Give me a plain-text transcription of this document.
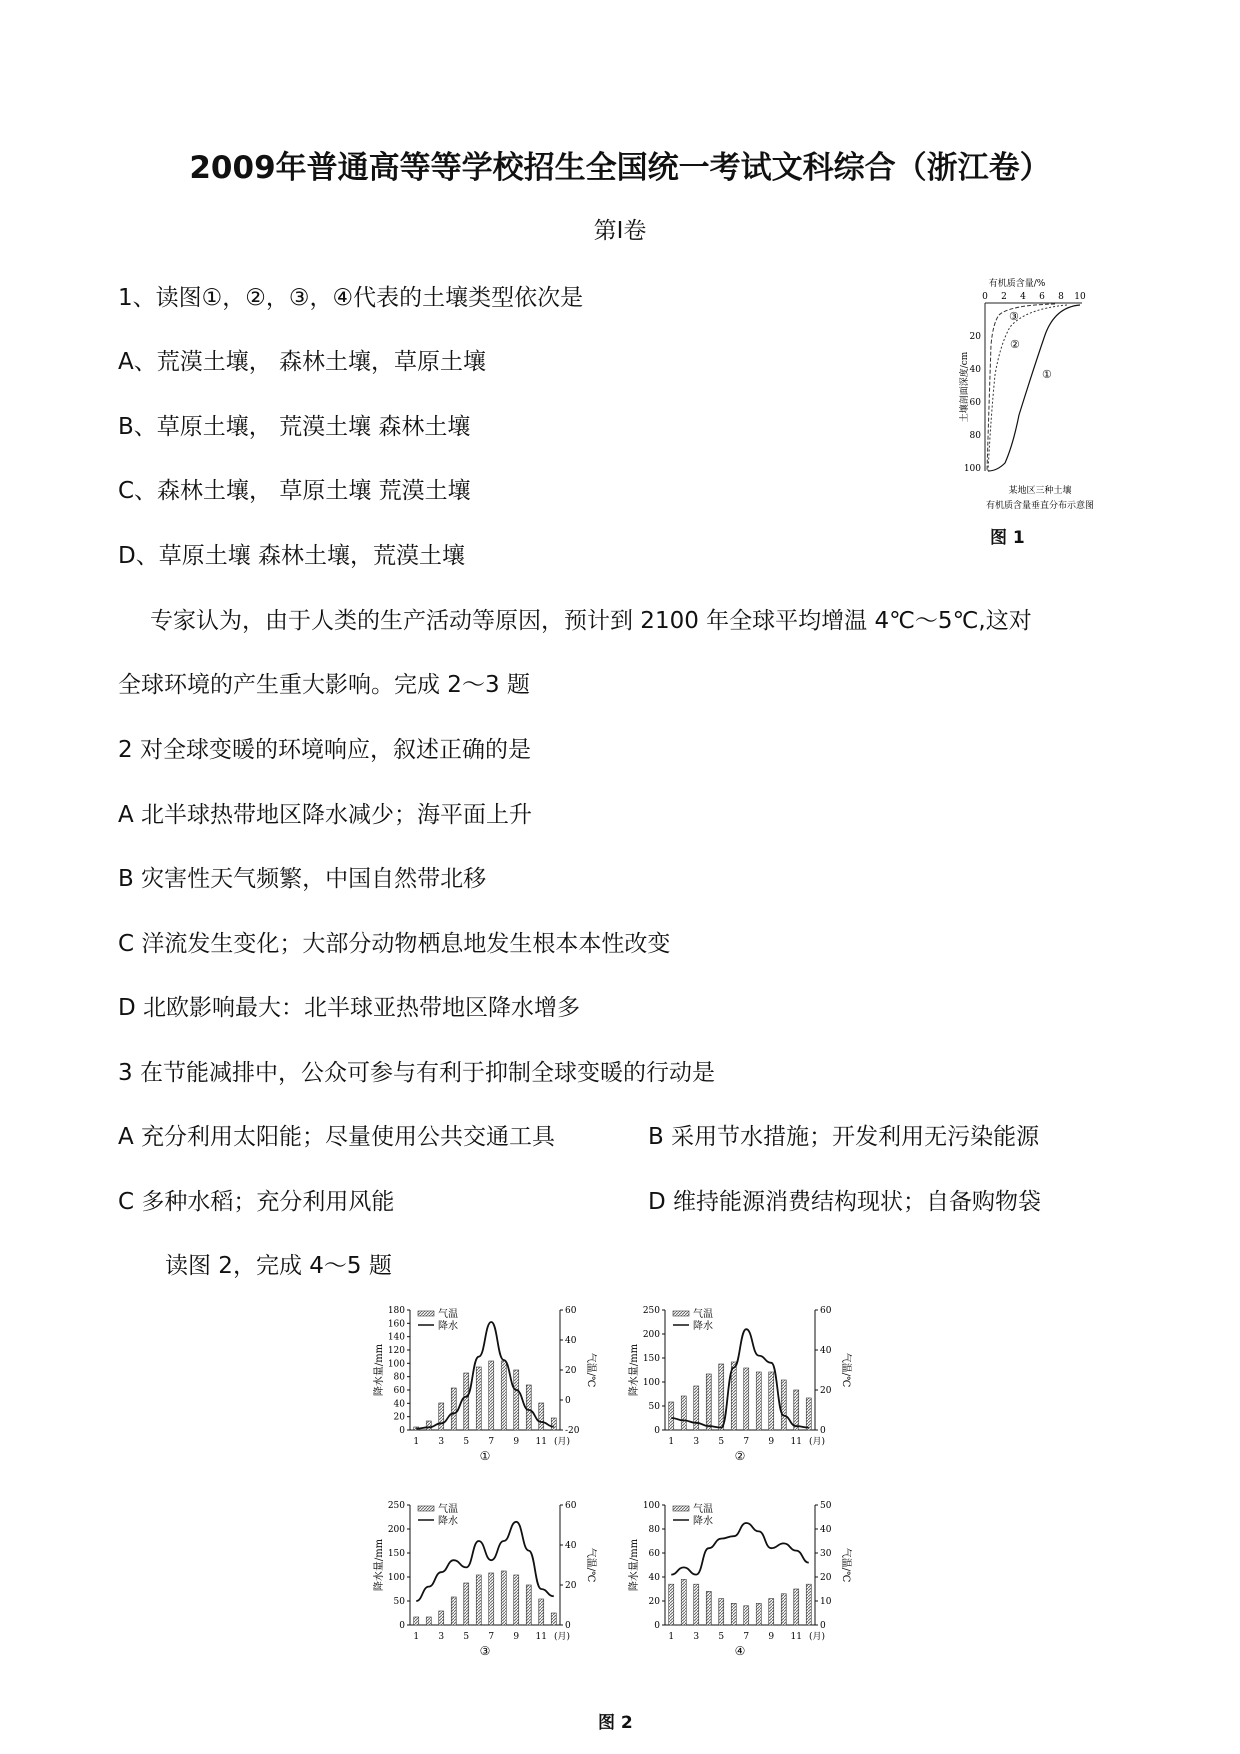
2009年普通高等等学校招生全国统一考试文科综合（浙江卷）
第Ⅰ卷
1、读图①，②，③，④代表的土壤类型依次是
A、荒漠土壤， 森林土壤，草原土壤
B、草原土壤， 荒漠土壤 森林土壤
C、森林土壤， 草原土壤 荒漠土壤
D、草原土壤 森林土壤，荒漠土壤
有机质含量/%
0 2 4 6 8 10
土壤剖面深度/cm
20
40
60
80
100
①
②
③
某地区三种土壤
有机质含量垂直分布示意图
图 1
专家认为，由于人类的生产活动等原因，预计到 2100 年全球平均增温 4℃～5℃,这对
全球环境的产生重大影响。完成 2～3 题
2 对全球变暖的环境响应，叙述正确的是
A 北半球热带地区降水减少；海平面上升
B 灾害性天气频繁，中国自然带北移
C 洋流发生变化；大部分动物栖息地发生根本本性改变
D 北欧影响最大：北半球亚热带地区降水增多
3 在节能减排中，公众可参与有利于抑制全球变暖的行动是
A 充分利用太阳能；尽量使用公共交通工具	B 采用节水措施；开发利用无污染能源
C 多种水稻；充分利用风能	D 维持能源消费结构现状；自备购物袋
读图 2，完成 4～5 题
0
20
40
60
80
100
120
140
160
180
-20
0
20
40
60
降水量/mm	气温/℃
1 3 5 7 9 11 (月)
气温
降水
①
0
50
100
150
200
250
0
20
40
60
降水量/mm	气温/℃
1 3 5 7 9 11 (月)
气温
降水
②
0
50
100
150
200
250
0
20
40
60
降水量/mm	气温/℃
1 3 5 7 9 11 (月)
气温
降水
③
0
20
40
60
80
100
0
10
20
30
40
50
降水量/mm	气温/℃
1 3 5 7 9 11 (月)
气温
降水
④
图 2
